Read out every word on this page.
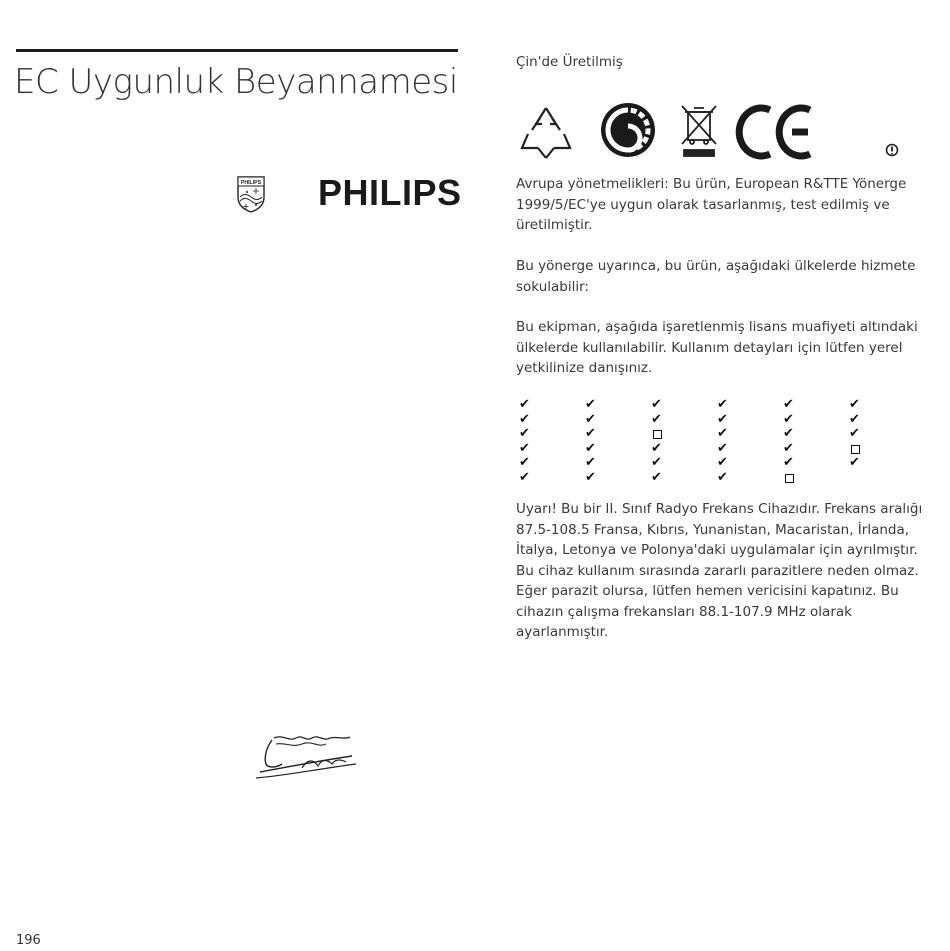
EC Uygunluk Beyannamesi
PHILIPS PHILIPS
196
Çin'de Üretilmiş
Avrupa yönetmelikleri: Bu ürün, European R&TTE Yönerge 1999/5/EC'ye uygun olarak tasarlanmış, test edilmiş ve üretilmiştir.
Bu yönerge uyarınca, bu ürün, aşağıdaki ülkelerde hizmete sokulabilir:
Bu ekipman, aşağıda işaretlenmiş lisans muafiyeti altındaki ülkelerde kullanılabilir. Kullanım detayları için lütfen yerel yetkilinize danışınız.
✔
✔
✔
✔
✔
✔
✔
✔
✔
✔
✔
✔
✔
✔
✔
✔
✔
✔
✔
✔
✔
✔
✔
✔
✔
✔
✔
✔
✔
✔
✔
✔
Uyarı! Bu bir II. Sınıf Radyo Frekans Cihazıdır. Frekans aralığı 87.5-108.5 Fransa, Kıbrıs, Yunanistan, Macaristan, İrlanda, İtalya, Letonya ve Polonya'daki uygulamalar için ayrılmıştır. Bu cihaz kullanım sırasında zararlı parazitlere neden olmaz. Eğer parazit olursa, lütfen hemen vericisini kapatınız. Bu cihazın çalışma frekansları 88.1-107.9 MHz olarak ayarlanmıştır.
